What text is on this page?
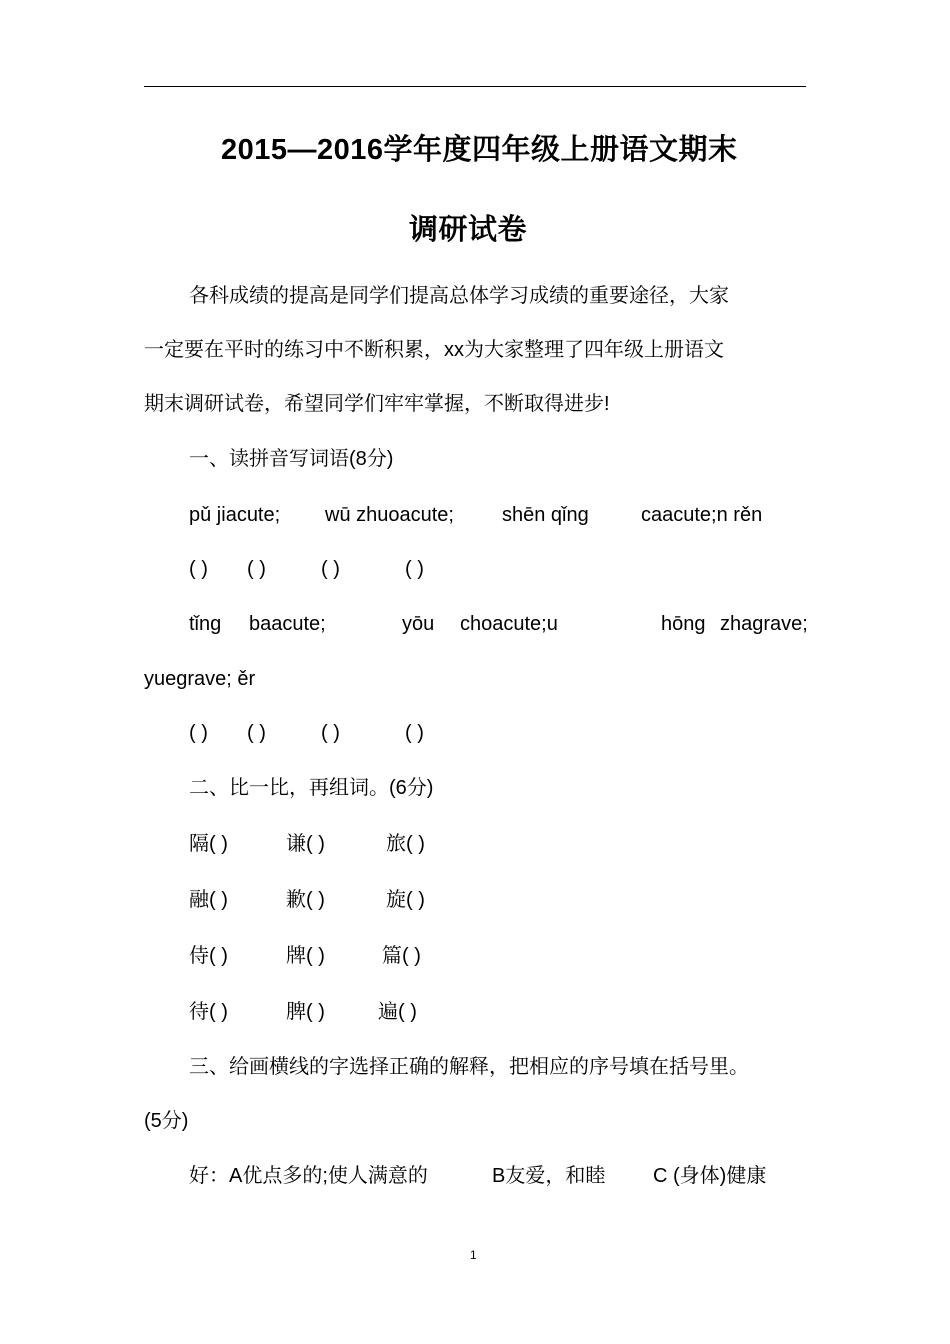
2015—2016学年度四年级上册语文期末
调研试卷
各科成绩的提高是同学们提高总体学习成绩的重要途径，大家
一定要在平时的练习中不断积累，xx为大家整理了四年级上册语文
期末调研试卷，希望同学们牢牢掌握，不断取得进步!
一、读拼音写词语(8分)
pǔ jiacute; wū zhuoacute; shēn qǐng	caacute;n rěn
( ) ( )	( )	( )
tǐng baacute;	yōu choacute;u	hōng zhagrave;
yuegrave; ěr
( ) ( )	( )	( )
二、比一比，再组词。(6分)
隔( )	谦( )	旅( )
融( )	歉( )	旋( )
侍( )	牌( )	篇( )
待( )	脾( )	遍( )
三、给画横线的字选择正确的解释，把相应的序号填在括号里。
(5分)
好：A优点多的;使人满意的	B友爱，和睦 C (身体)健康
1
